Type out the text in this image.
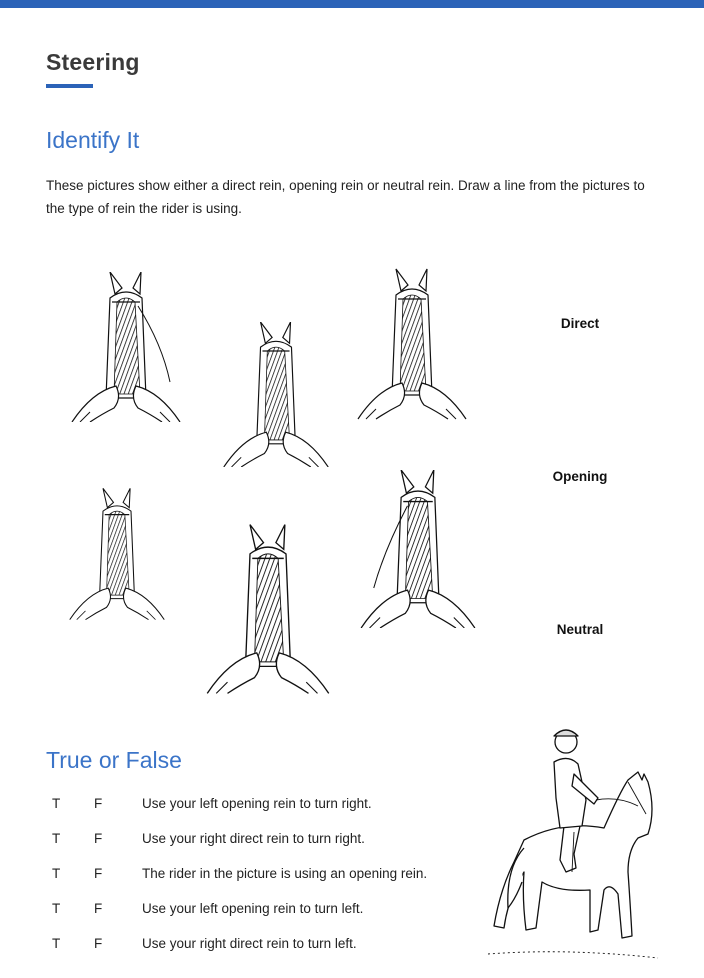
Steering
Identify It

These pictures show either a direct rein, opening rein or neutral rein. Draw a line from the pictures to the type of rein the rider is using.

Direct
Opening
Neutral
True or False
T	F	Use your left opening rein to turn right.
T	F	Use your right direct rein to turn right.
T	F	The rider in the picture is using an opening rein.
T	F	Use your left opening rein to turn left.
T	F	Use your right direct rein to turn left.
